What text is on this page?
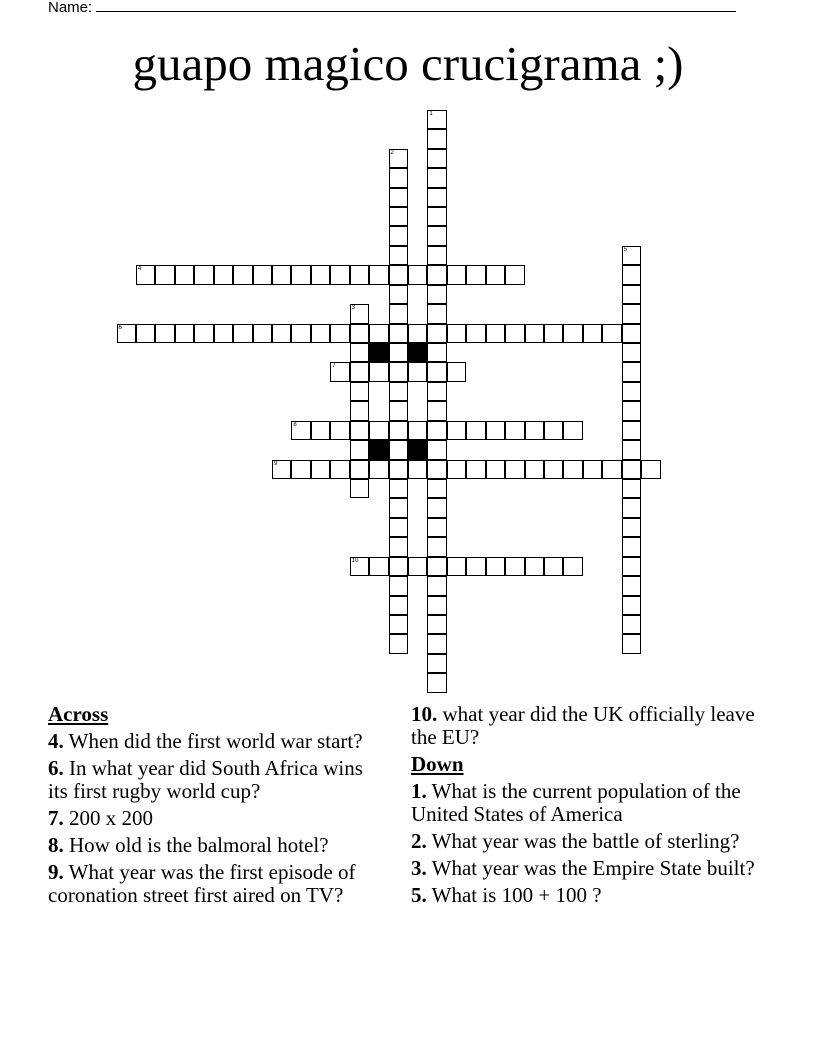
Name:
guapo magico crucigrama ;)
1
2
3
4
5
6
7
8
9
10
Across
4. When did the first world war start?
6. In what year did South Africa wins its first rugby world cup?
7. 200 x 200
8. How old is the balmoral hotel?
9. What year was the first episode of coronation street first aired on TV?
10. what year did the UK officially leave the EU?
Down
1. What is the current population of the United States of America
2. What year was the battle of sterling?
3. What year was the Empire State built?
5. What is 100 + 100 ?
